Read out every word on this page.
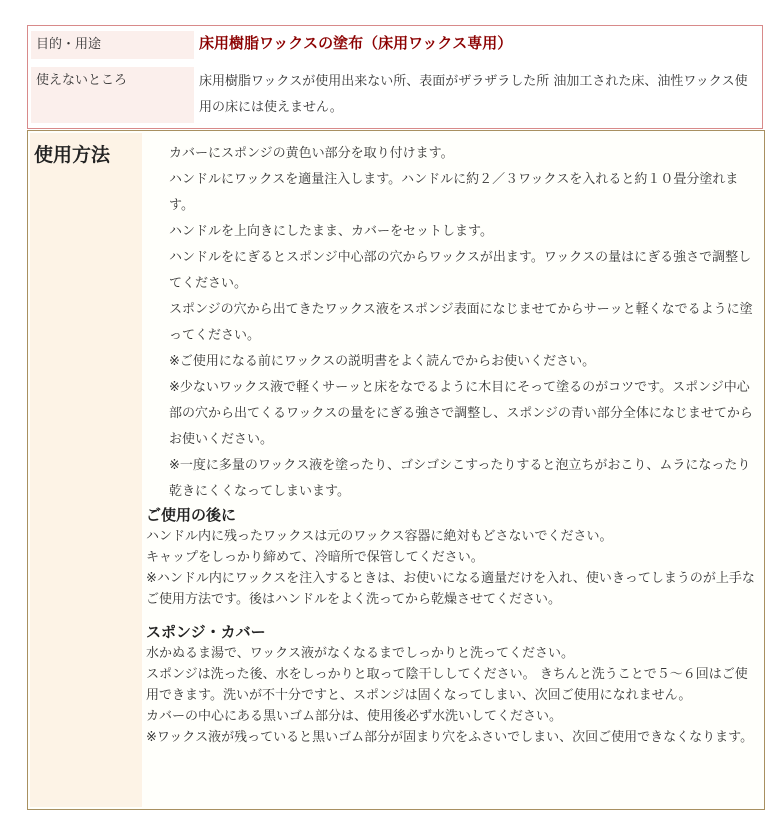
目的・用途	床用樹脂ワックスの塗布（床用ワックス専用）
使えないところ	床用樹脂ワックスが使用出来ない所、表面がザラザラした所 油加工された床、油性ワックス使用の床には使えません。
使用方法	カバーにスポンジの黄色い部分を取り付けます。

ハンドルにワックスを適量注入します。ハンドルに約２／３ワックスを入れると約１０畳分塗れます。

ハンドルを上向きにしたまま、カバーをセットします。

ハンドルをにぎるとスポンジ中心部の穴からワックスが出ます。ワックスの量はにぎる強さで調整してください。

スポンジの穴から出てきたワックス液をスポンジ表面になじませてからサーッと軽くなでるように塗ってください。

※ご使用になる前にワックスの説明書をよく読んでからお使いください。

※少ないワックス液で軽くサーッと床をなでるように木目にそって塗るのがコツです。スポンジ中心部の穴から出てくるワックスの量をにぎる強さで調整し、スポンジの青い部分全体になじませてからお使いください。

※一度に多量のワックス液を塗ったり、ゴシゴシこすったりすると泡立ちがおこり、ムラになったり乾きにくくなってしまいます。

ご使用の後に

ハンドル内に残ったワックスは元のワックス容器に絶対もどさないでください。

キャップをしっかり締めて、冷暗所で保管してください。

※ハンドル内にワックスを注入するときは、お使いになる適量だけを入れ、使いきってしまうのが上手なご使用方法です。後はハンドルをよく洗ってから乾燥させてください。

スポンジ・カバー

水かぬるま湯で、ワックス液がなくなるまでしっかりと洗ってください。

スポンジは洗った後、水をしっかりと取って陰干ししてください。 きちんと洗うことで５～６回はご使用できます。洗いが不十分ですと、スポンジは固くなってしまい、次回ご使用になれません。

カバーの中心にある黒いゴム部分は、使用後必ず水洗いしてください。

※ワックス液が残っていると黒いゴム部分が固まり穴をふさいでしまい、次回ご使用できなくなります。
